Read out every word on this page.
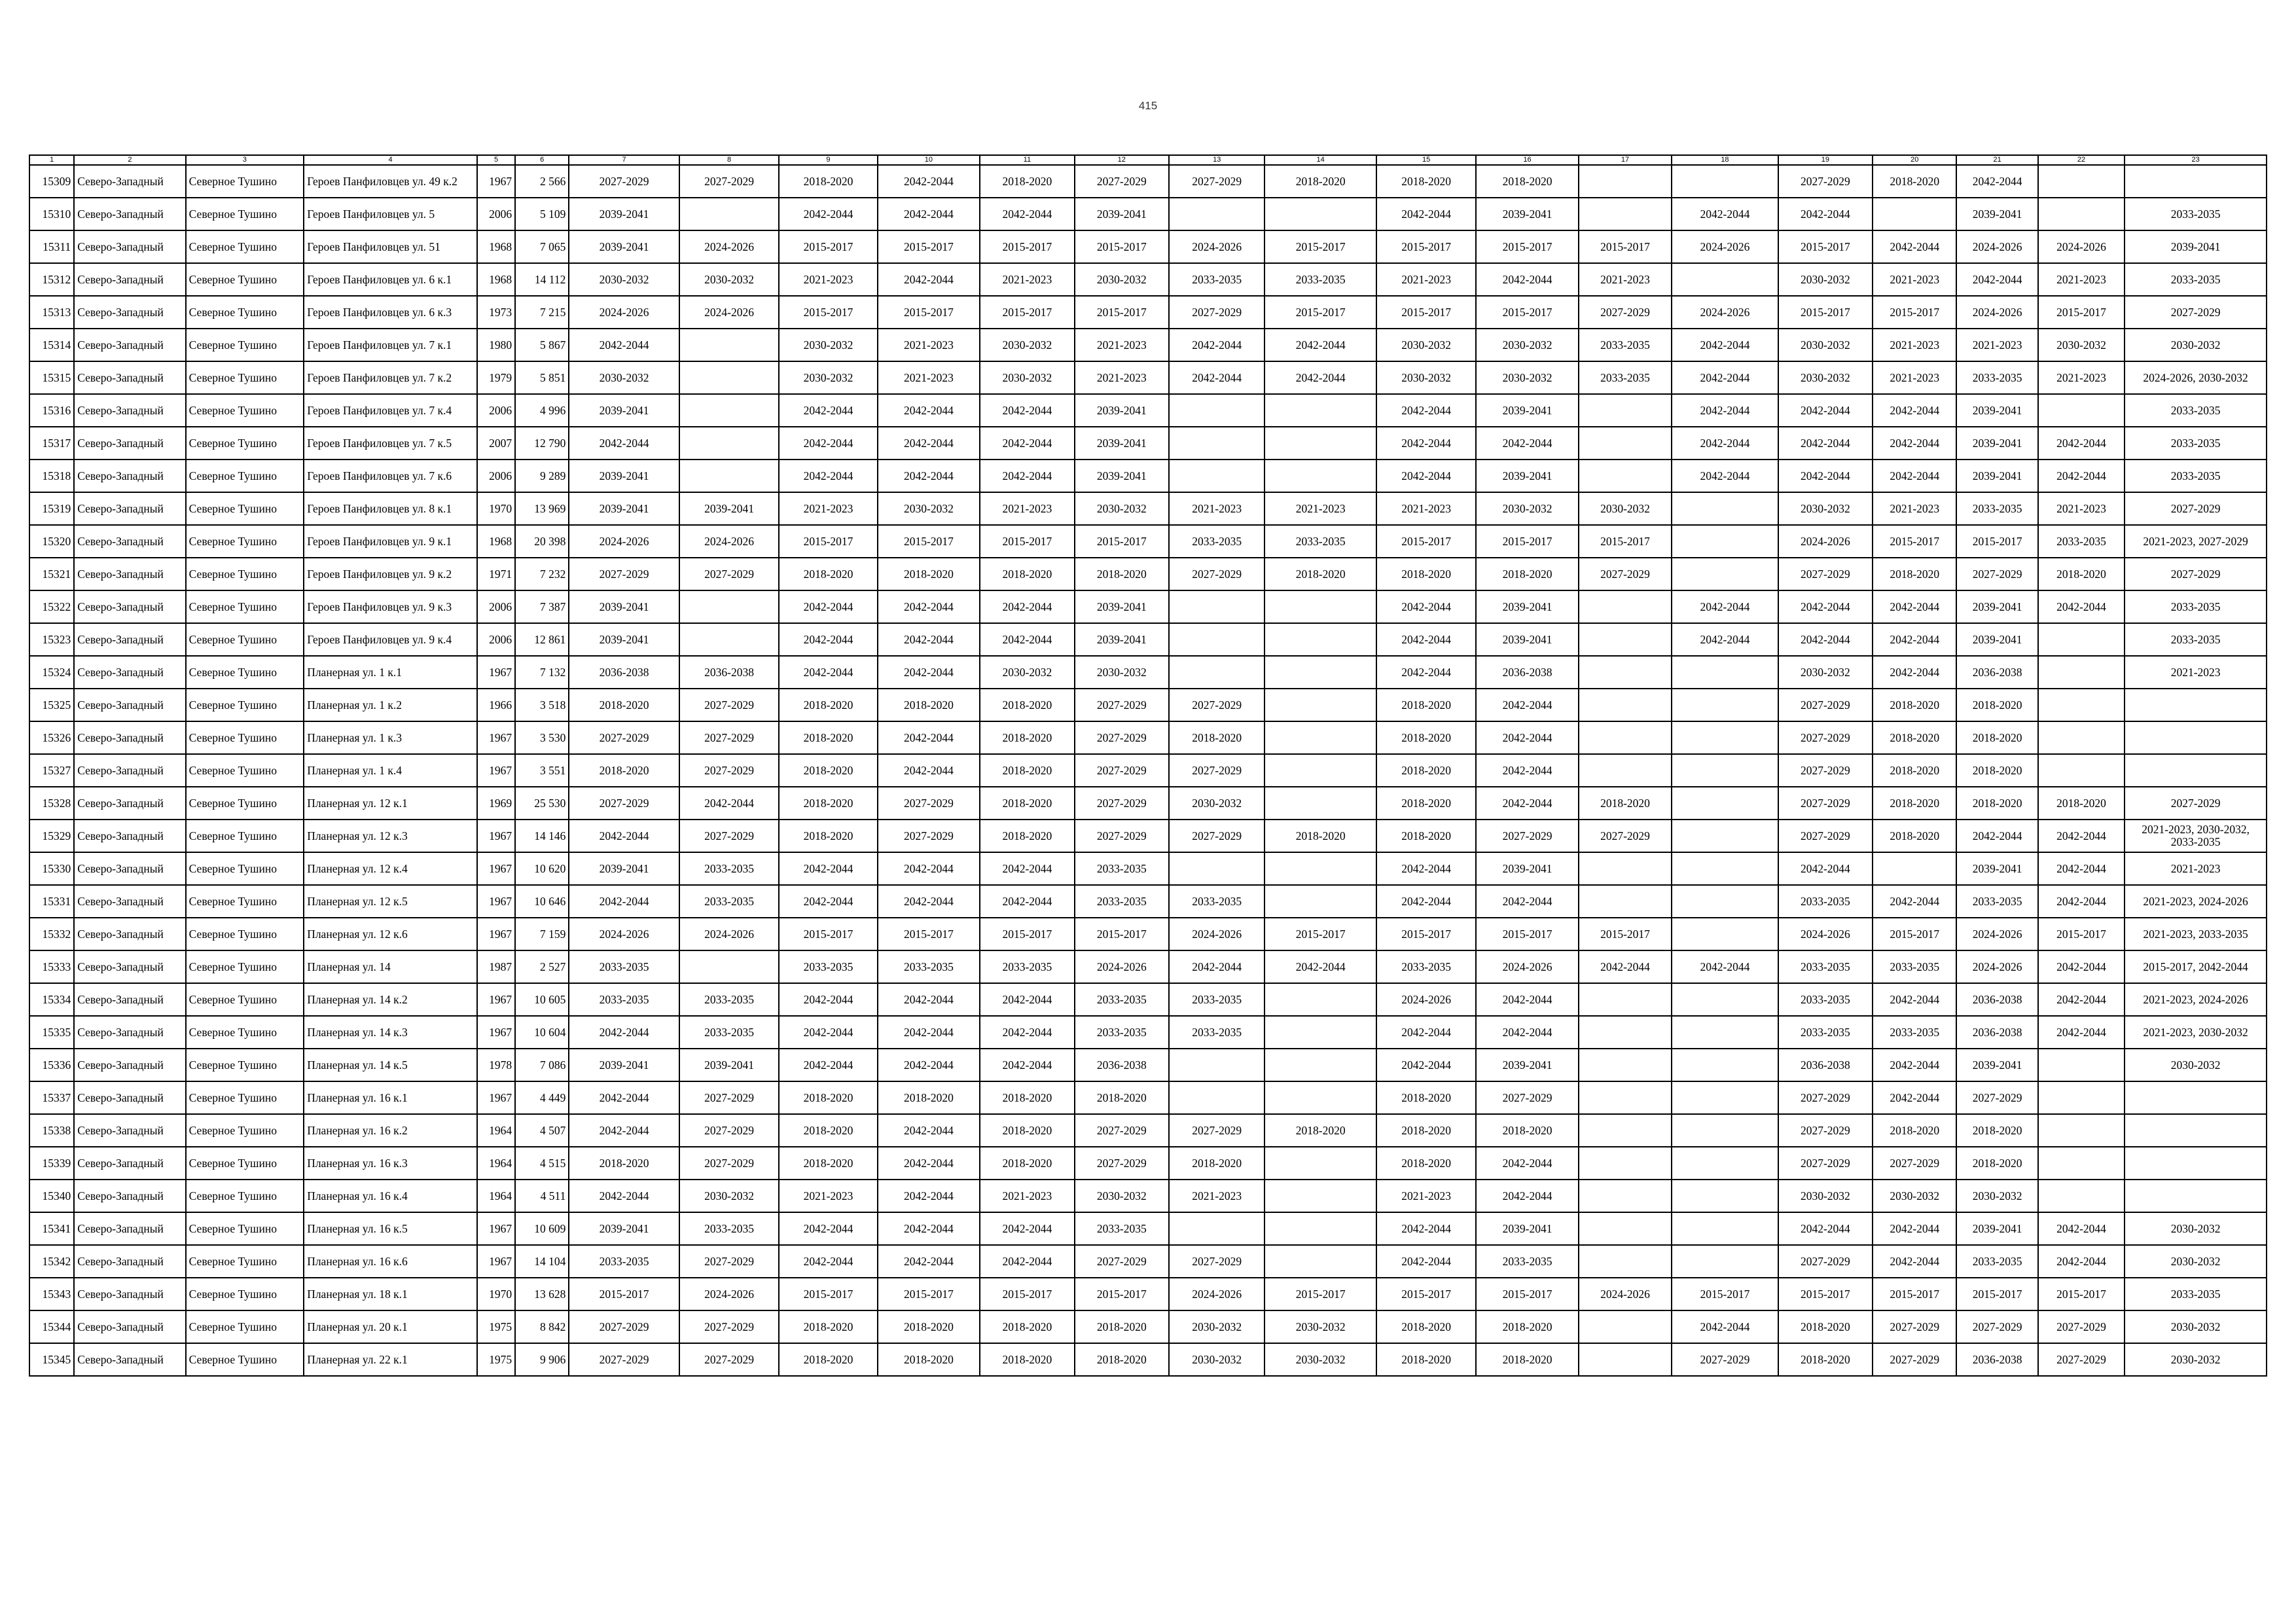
415
1	2	3	4	5	6	7	8	9	10	11	12	13	14	15	16	17	18	19	20	21	22	23
15309	Северо-Западный	Северное Тушино	Героев Панфиловцев ул. 49 к.2	1967	2 566	2027-2029	2027-2029	2018-2020	2042-2044	2018-2020	2027-2029	2027-2029	2018-2020	2018-2020	2018-2020			2027-2029	2018-2020	2042-2044		
15310	Северо-Западный	Северное Тушино	Героев Панфиловцев ул. 5	2006	5 109	2039-2041		2042-2044	2042-2044	2042-2044	2039-2041			2042-2044	2039-2041		2042-2044	2042-2044		2039-2041		2033-2035
15311	Северо-Западный	Северное Тушино	Героев Панфиловцев ул. 51	1968	7 065	2039-2041	2024-2026	2015-2017	2015-2017	2015-2017	2015-2017	2024-2026	2015-2017	2015-2017	2015-2017	2015-2017	2024-2026	2015-2017	2042-2044	2024-2026	2024-2026	2039-2041
15312	Северо-Западный	Северное Тушино	Героев Панфиловцев ул. 6 к.1	1968	14 112	2030-2032	2030-2032	2021-2023	2042-2044	2021-2023	2030-2032	2033-2035	2033-2035	2021-2023	2042-2044	2021-2023		2030-2032	2021-2023	2042-2044	2021-2023	2033-2035
15313	Северо-Западный	Северное Тушино	Героев Панфиловцев ул. 6 к.3	1973	7 215	2024-2026	2024-2026	2015-2017	2015-2017	2015-2017	2015-2017	2027-2029	2015-2017	2015-2017	2015-2017	2027-2029	2024-2026	2015-2017	2015-2017	2024-2026	2015-2017	2027-2029
15314	Северо-Западный	Северное Тушино	Героев Панфиловцев ул. 7 к.1	1980	5 867	2042-2044		2030-2032	2021-2023	2030-2032	2021-2023	2042-2044	2042-2044	2030-2032	2030-2032	2033-2035	2042-2044	2030-2032	2021-2023	2021-2023	2030-2032	2030-2032
15315	Северо-Западный	Северное Тушино	Героев Панфиловцев ул. 7 к.2	1979	5 851	2030-2032		2030-2032	2021-2023	2030-2032	2021-2023	2042-2044	2042-2044	2030-2032	2030-2032	2033-2035	2042-2044	2030-2032	2021-2023	2033-2035	2021-2023	2024-2026, 2030-2032
15316	Северо-Западный	Северное Тушино	Героев Панфиловцев ул. 7 к.4	2006	4 996	2039-2041		2042-2044	2042-2044	2042-2044	2039-2041			2042-2044	2039-2041		2042-2044	2042-2044	2042-2044	2039-2041		2033-2035
15317	Северо-Западный	Северное Тушино	Героев Панфиловцев ул. 7 к.5	2007	12 790	2042-2044		2042-2044	2042-2044	2042-2044	2039-2041			2042-2044	2042-2044		2042-2044	2042-2044	2042-2044	2039-2041	2042-2044	2033-2035
15318	Северо-Западный	Северное Тушино	Героев Панфиловцев ул. 7 к.6	2006	9 289	2039-2041		2042-2044	2042-2044	2042-2044	2039-2041			2042-2044	2039-2041		2042-2044	2042-2044	2042-2044	2039-2041	2042-2044	2033-2035
15319	Северо-Западный	Северное Тушино	Героев Панфиловцев ул. 8 к.1	1970	13 969	2039-2041	2039-2041	2021-2023	2030-2032	2021-2023	2030-2032	2021-2023	2021-2023	2021-2023	2030-2032	2030-2032		2030-2032	2021-2023	2033-2035	2021-2023	2027-2029
15320	Северо-Западный	Северное Тушино	Героев Панфиловцев ул. 9 к.1	1968	20 398	2024-2026	2024-2026	2015-2017	2015-2017	2015-2017	2015-2017	2033-2035	2033-2035	2015-2017	2015-2017	2015-2017		2024-2026	2015-2017	2015-2017	2033-2035	2021-2023, 2027-2029
15321	Северо-Западный	Северное Тушино	Героев Панфиловцев ул. 9 к.2	1971	7 232	2027-2029	2027-2029	2018-2020	2018-2020	2018-2020	2018-2020	2027-2029	2018-2020	2018-2020	2018-2020	2027-2029		2027-2029	2018-2020	2027-2029	2018-2020	2027-2029
15322	Северо-Западный	Северное Тушино	Героев Панфиловцев ул. 9 к.3	2006	7 387	2039-2041		2042-2044	2042-2044	2042-2044	2039-2041			2042-2044	2039-2041		2042-2044	2042-2044	2042-2044	2039-2041	2042-2044	2033-2035
15323	Северо-Западный	Северное Тушино	Героев Панфиловцев ул. 9 к.4	2006	12 861	2039-2041		2042-2044	2042-2044	2042-2044	2039-2041			2042-2044	2039-2041		2042-2044	2042-2044	2042-2044	2039-2041		2033-2035
15324	Северо-Западный	Северное Тушино	Планерная ул. 1 к.1	1967	7 132	2036-2038	2036-2038	2042-2044	2042-2044	2030-2032	2030-2032			2042-2044	2036-2038			2030-2032	2042-2044	2036-2038		2021-2023
15325	Северо-Западный	Северное Тушино	Планерная ул. 1 к.2	1966	3 518	2018-2020	2027-2029	2018-2020	2018-2020	2018-2020	2027-2029	2027-2029		2018-2020	2042-2044			2027-2029	2018-2020	2018-2020		
15326	Северо-Западный	Северное Тушино	Планерная ул. 1 к.3	1967	3 530	2027-2029	2027-2029	2018-2020	2042-2044	2018-2020	2027-2029	2018-2020		2018-2020	2042-2044			2027-2029	2018-2020	2018-2020		
15327	Северо-Западный	Северное Тушино	Планерная ул. 1 к.4	1967	3 551	2018-2020	2027-2029	2018-2020	2042-2044	2018-2020	2027-2029	2027-2029		2018-2020	2042-2044			2027-2029	2018-2020	2018-2020		
15328	Северо-Западный	Северное Тушино	Планерная ул. 12 к.1	1969	25 530	2027-2029	2042-2044	2018-2020	2027-2029	2018-2020	2027-2029	2030-2032		2018-2020	2042-2044	2018-2020		2027-2029	2018-2020	2018-2020	2018-2020	2027-2029
15329	Северо-Западный	Северное Тушино	Планерная ул. 12 к.3	1967	14 146	2042-2044	2027-2029	2018-2020	2027-2029	2018-2020	2027-2029	2027-2029	2018-2020	2018-2020	2027-2029	2027-2029		2027-2029	2018-2020	2042-2044	2042-2044	2021-2023, 2030-2032, 2033-2035
15330	Северо-Западный	Северное Тушино	Планерная ул. 12 к.4	1967	10 620	2039-2041	2033-2035	2042-2044	2042-2044	2042-2044	2033-2035			2042-2044	2039-2041			2042-2044		2039-2041	2042-2044	2021-2023
15331	Северо-Западный	Северное Тушино	Планерная ул. 12 к.5	1967	10 646	2042-2044	2033-2035	2042-2044	2042-2044	2042-2044	2033-2035	2033-2035		2042-2044	2042-2044			2033-2035	2042-2044	2033-2035	2042-2044	2021-2023, 2024-2026
15332	Северо-Западный	Северное Тушино	Планерная ул. 12 к.6	1967	7 159	2024-2026	2024-2026	2015-2017	2015-2017	2015-2017	2015-2017	2024-2026	2015-2017	2015-2017	2015-2017	2015-2017		2024-2026	2015-2017	2024-2026	2015-2017	2021-2023, 2033-2035
15333	Северо-Западный	Северное Тушино	Планерная ул. 14	1987	2 527	2033-2035		2033-2035	2033-2035	2033-2035	2024-2026	2042-2044	2042-2044	2033-2035	2024-2026	2042-2044	2042-2044	2033-2035	2033-2035	2024-2026	2042-2044	2015-2017, 2042-2044
15334	Северо-Западный	Северное Тушино	Планерная ул. 14 к.2	1967	10 605	2033-2035	2033-2035	2042-2044	2042-2044	2042-2044	2033-2035	2033-2035		2024-2026	2042-2044			2033-2035	2042-2044	2036-2038	2042-2044	2021-2023, 2024-2026
15335	Северо-Западный	Северное Тушино	Планерная ул. 14 к.3	1967	10 604	2042-2044	2033-2035	2042-2044	2042-2044	2042-2044	2033-2035	2033-2035		2042-2044	2042-2044			2033-2035	2033-2035	2036-2038	2042-2044	2021-2023, 2030-2032
15336	Северо-Западный	Северное Тушино	Планерная ул. 14 к.5	1978	7 086	2039-2041	2039-2041	2042-2044	2042-2044	2042-2044	2036-2038			2042-2044	2039-2041			2036-2038	2042-2044	2039-2041		2030-2032
15337	Северо-Западный	Северное Тушино	Планерная ул. 16 к.1	1967	4 449	2042-2044	2027-2029	2018-2020	2018-2020	2018-2020	2018-2020			2018-2020	2027-2029			2027-2029	2042-2044	2027-2029		
15338	Северо-Западный	Северное Тушино	Планерная ул. 16 к.2	1964	4 507	2042-2044	2027-2029	2018-2020	2042-2044	2018-2020	2027-2029	2027-2029	2018-2020	2018-2020	2018-2020			2027-2029	2018-2020	2018-2020		
15339	Северо-Западный	Северное Тушино	Планерная ул. 16 к.3	1964	4 515	2018-2020	2027-2029	2018-2020	2042-2044	2018-2020	2027-2029	2018-2020		2018-2020	2042-2044			2027-2029	2027-2029	2018-2020		
15340	Северо-Западный	Северное Тушино	Планерная ул. 16 к.4	1964	4 511	2042-2044	2030-2032	2021-2023	2042-2044	2021-2023	2030-2032	2021-2023		2021-2023	2042-2044			2030-2032	2030-2032	2030-2032		
15341	Северо-Западный	Северное Тушино	Планерная ул. 16 к.5	1967	10 609	2039-2041	2033-2035	2042-2044	2042-2044	2042-2044	2033-2035			2042-2044	2039-2041			2042-2044	2042-2044	2039-2041	2042-2044	2030-2032
15342	Северо-Западный	Северное Тушино	Планерная ул. 16 к.6	1967	14 104	2033-2035	2027-2029	2042-2044	2042-2044	2042-2044	2027-2029	2027-2029		2042-2044	2033-2035			2027-2029	2042-2044	2033-2035	2042-2044	2030-2032
15343	Северо-Западный	Северное Тушино	Планерная ул. 18 к.1	1970	13 628	2015-2017	2024-2026	2015-2017	2015-2017	2015-2017	2015-2017	2024-2026	2015-2017	2015-2017	2015-2017	2024-2026	2015-2017	2015-2017	2015-2017	2015-2017	2015-2017	2033-2035
15344	Северо-Западный	Северное Тушино	Планерная ул. 20 к.1	1975	8 842	2027-2029	2027-2029	2018-2020	2018-2020	2018-2020	2018-2020	2030-2032	2030-2032	2018-2020	2018-2020		2042-2044	2018-2020	2027-2029	2027-2029	2027-2029	2030-2032
15345	Северо-Западный	Северное Тушино	Планерная ул. 22 к.1	1975	9 906	2027-2029	2027-2029	2018-2020	2018-2020	2018-2020	2018-2020	2030-2032	2030-2032	2018-2020	2018-2020		2027-2029	2018-2020	2027-2029	2036-2038	2027-2029	2030-2032
